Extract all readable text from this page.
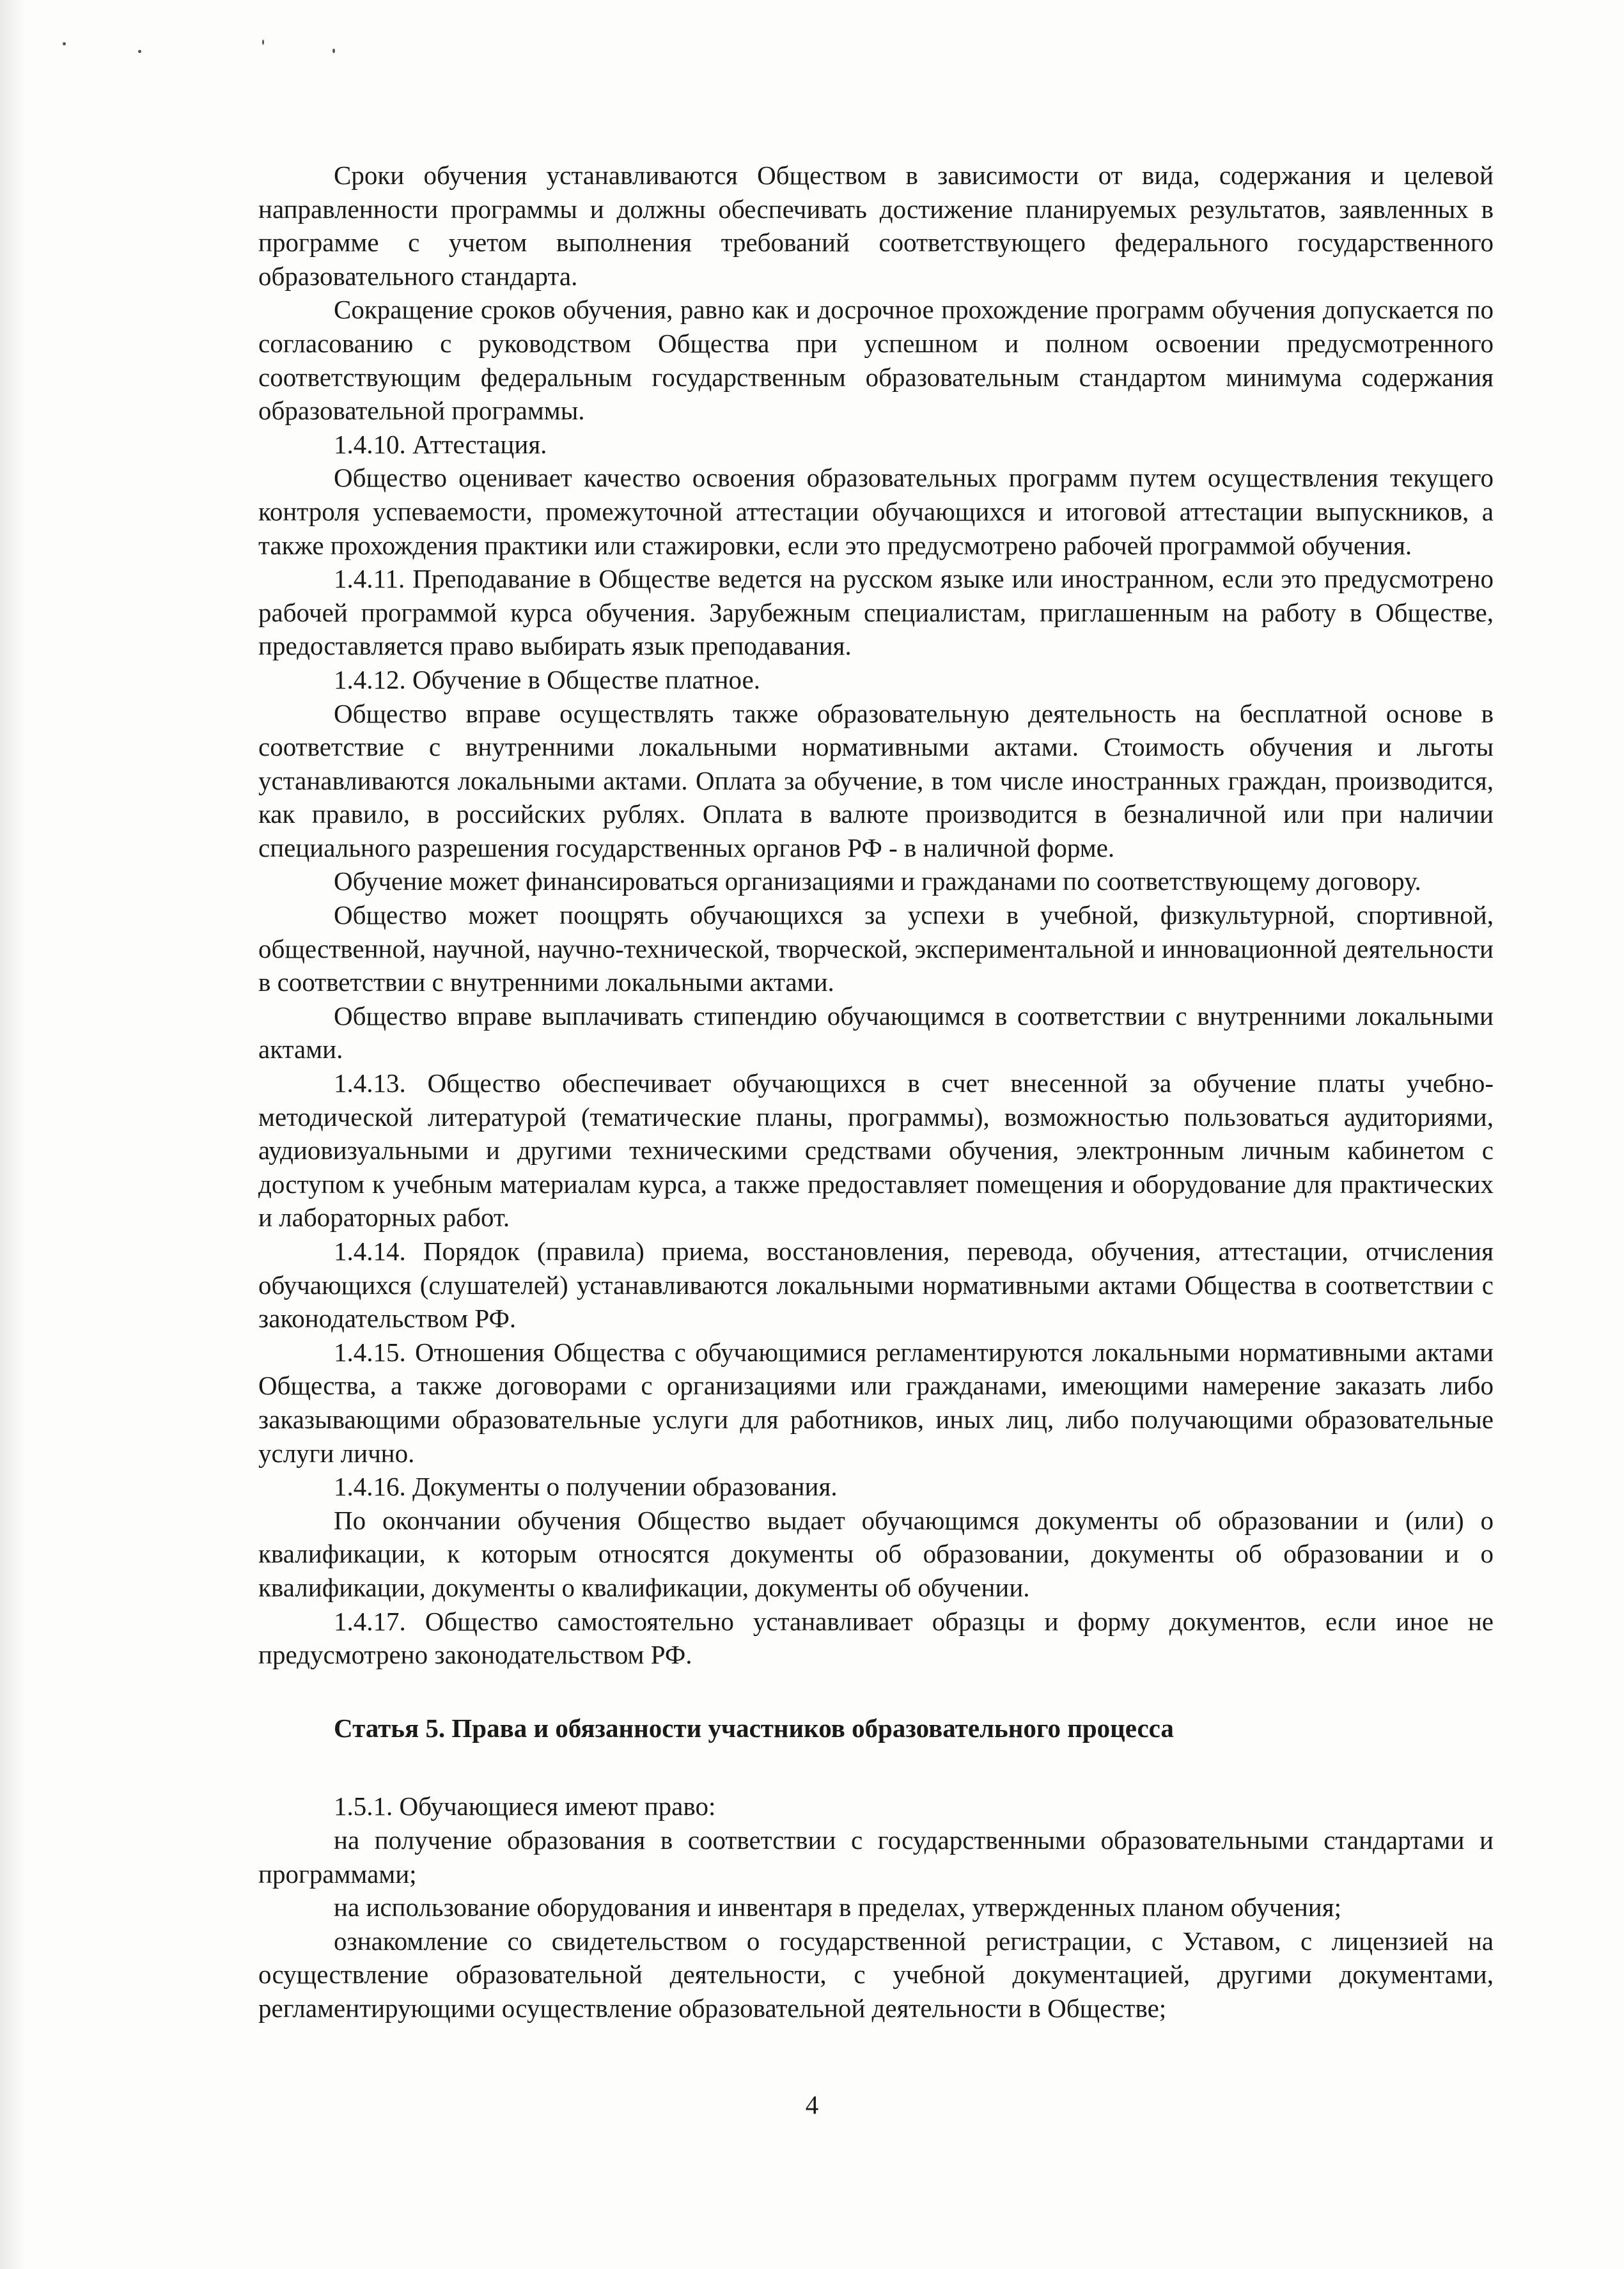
Сроки обучения устанавливаются Обществом в зависимости от вида, содержания и целевой направленности программы и должны обеспечивать достижение планируемых результатов, заявленных в программе с учетом выполнения требований соответствующего федерального государственного образовательного стандарта.

Сокращение сроков обучения, равно как и досрочное прохождение программ обучения допускается по согласованию с руководством Общества при успешном и полном освоении предусмотренного соответствующим федеральным государственным образовательным стандартом минимума содержания образовательной программы.

1.4.10. Аттестация.

Общество оценивает качество освоения образовательных программ путем осуществления текущего контроля успеваемости, промежуточной аттестации обучающихся и итоговой аттестации выпускников, а также прохождения практики или стажировки, если это предусмотрено рабочей программой обучения.

1.4.11. Преподавание в Обществе ведется на русском языке или иностранном, если это предусмотрено рабочей программой курса обучения. Зарубежным специалистам, приглашенным на работу в Обществе, предоставляется право выбирать язык преподавания.

1.4.12. Обучение в Обществе платное.

Общество вправе осуществлять также образовательную деятельность на бесплатной основе в соответствие с внутренними локальными нормативными актами. Стоимость обучения и льготы устанавливаются локальными актами. Оплата за обучение, в том числе иностранных граждан, производится, как правило, в российских рублях. Оплата в валюте производится в безналичной или при наличии специального разрешения государственных органов РФ - в наличной форме.

Обучение может финансироваться организациями и гражданами по соответствующему договору.

Общество может поощрять обучающихся за успехи в учебной, физкультурной, спортивной, общественной, научной, научно-технической, творческой, экспериментальной и инновационной деятельности в соответствии с внутренними локальными актами.

Общество вправе выплачивать стипендию обучающимся в соответствии с внутренними локальными актами.

1.4.13. Общество обеспечивает обучающихся в счет внесенной за обучение платы учебно-методической литературой (тематические планы, программы), возможностью пользоваться аудиториями, аудиовизуальными и другими техническими средствами обучения, электронным личным кабинетом с доступом к учебным материалам курса, а также предоставляет помещения и оборудование для практических и лабораторных работ.

1.4.14. Порядок (правила) приема, восстановления, перевода, обучения, аттестации, отчисления обучающихся (слушателей) устанавливаются локальными нормативными актами Общества в соответствии с законодательством РФ.

1.4.15. Отношения Общества с обучающимися регламентируются локальными нормативными актами Общества, а также договорами с организациями или гражданами, имеющими намерение заказать либо заказывающими образовательные услуги для работников, иных лиц, либо получающими образовательные услуги лично.

1.4.16. Документы о получении образования.

По окончании обучения Общество выдает обучающимся документы об образовании и (или) о квалификации, к которым относятся документы об образовании, документы об образовании и о квалификации, документы о квалификации, документы об обучении.

1.4.17. Общество самостоятельно устанавливает образцы и форму документов, если иное не предусмотрено законодательством РФ.

Статья 5. Права и обязанности участников образовательного процесса

1.5.1. Обучающиеся имеют право:

на получение образования в соответствии с государственными образовательными стандартами и программами;

на использование оборудования и инвентаря в пределах, утвержденных планом обучения;

ознакомление со свидетельством о государственной регистрации, с Уставом, с лицензией на осуществление образовательной деятельности, с учебной документацией, другими документами, регламентирующими осуществление образовательной деятельности в Обществе;

4
